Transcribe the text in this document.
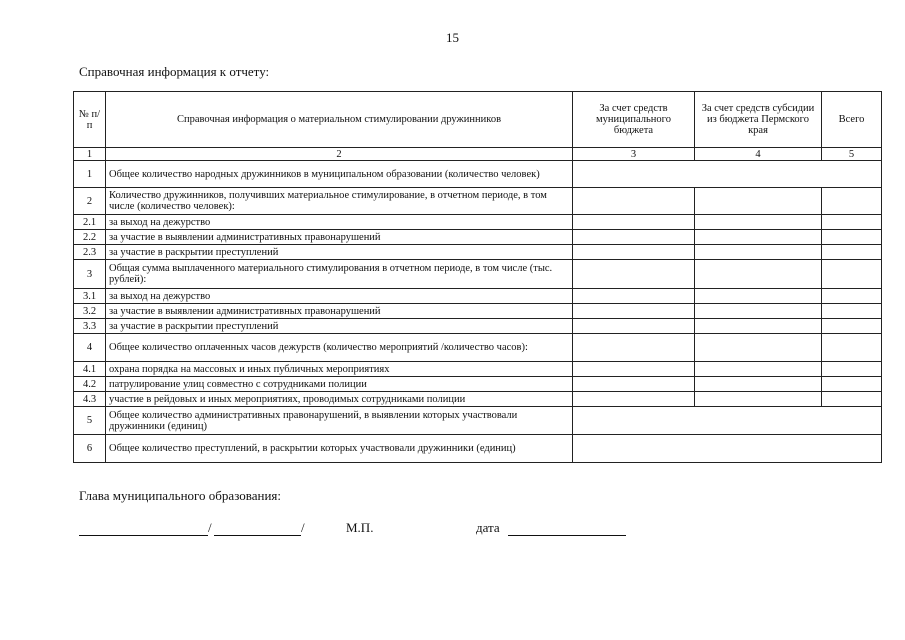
15
Справочная информация к отчету:
№ п/п	Справочная информация о материальном стимулировании дружинников	За счет средств муниципального бюджета	За счет средств субсидии из бюджета Пермского края	Всего
1	2	3	4	5
1	Общее количество народных дружинников в муниципальном образовании (количество человек)			
2	Количество дружинников, получивших материальное стимулирование, в отчетном периоде, в том числе (количество человек):			
2.1	за выход на дежурство			
2.2	за участие в выявлении административных правонарушений			
2.3	за участие в раскрытии преступлений			
3	Общая сумма выплаченного материального стимулирования в отчетном периоде, в том числе (тыс. рублей):			
3.1	за выход на дежурство			
3.2	за участие в выявлении административных правонарушений			
3.3	за участие в раскрытии преступлений			
4	Общее количество оплаченных часов дежурств (количество мероприятий /количество часов):			
4.1	охрана порядка на массовых и иных публичных мероприятиях			
4.2	патрулирование улиц совместно с сотрудниками полиции			
4.3	участие в рейдовых и иных мероприятиях, проводимых сотрудниками полиции			
5	Общее количество административных правонарушений, в выявлении которых участвовали дружинники (единиц)			
6	Общее количество преступлений, в раскрытии которых участвовали дружинники (единиц)			
Глава муниципального образования:
/	/	М.П.	дата
